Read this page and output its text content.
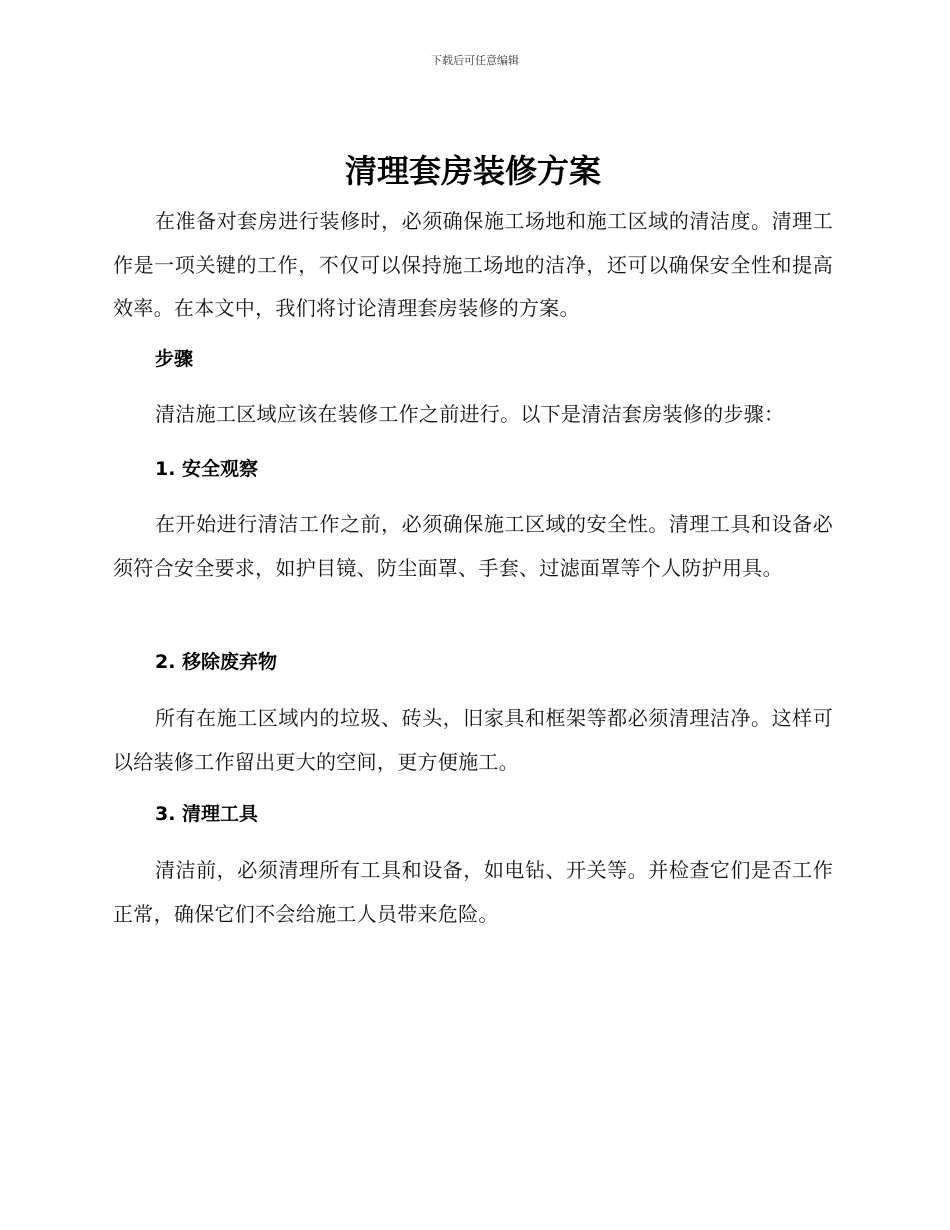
下载后可任意编辑
清理套房装修方案

在准备对套房进行装修时，必须确保施工场地和施工区域的清洁度。清理工作是一项关键的工作，不仅可以保持施工场地的洁净，还可以确保安全性和提高效率。在本文中，我们将讨论清理套房装修的方案。

步骤

清洁施工区域应该在装修工作之前进行。以下是清洁套房装修的步骤：

1. 安全观察

在开始进行清洁工作之前，必须确保施工区域的安全性。清理工具和设备必须符合安全要求，如护目镜、防尘面罩、手套、过滤面罩等个人防护用具。

2. 移除废弃物

所有在施工区域内的垃圾、砖头，旧家具和框架等都必须清理洁净。这样可以给装修工作留出更大的空间，更方便施工。

3. 清理工具

清洁前，必须清理所有工具和设备，如电钻、开关等。并检查它们是否工作正常，确保它们不会给施工人员带来危险。
